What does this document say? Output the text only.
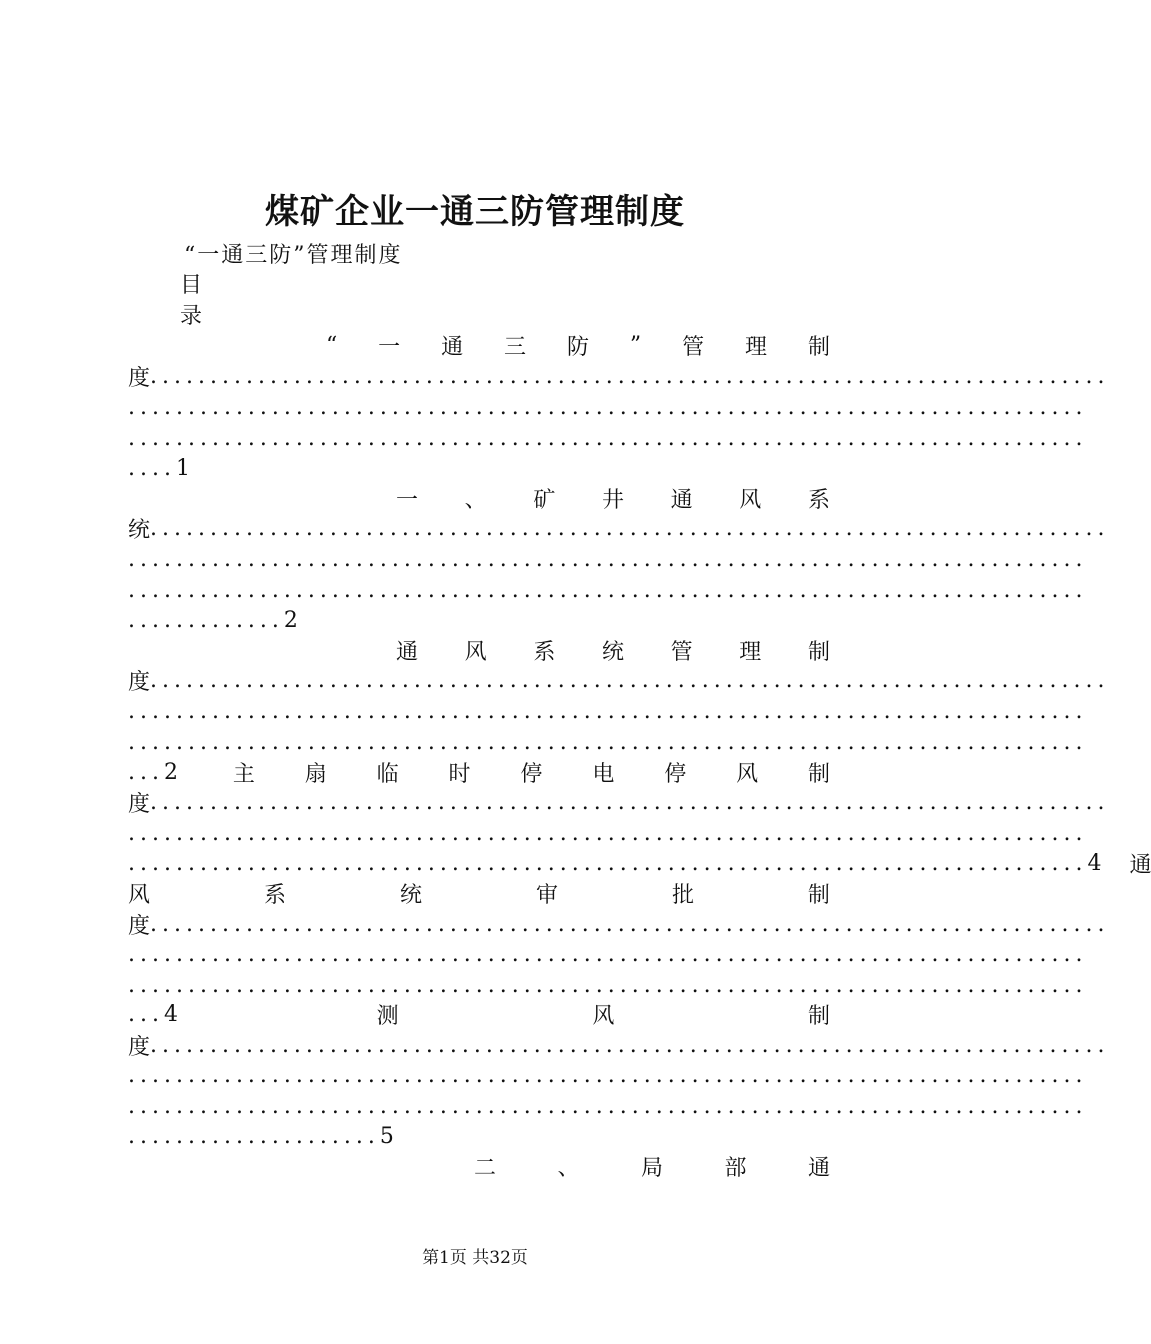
煤矿企业一通三防管理制度
“一通三防”管理制度
目
录
“ 一 通 三 防 ” 管 理 制
度 ................................................................................
................................................................................
................................................................................
.... 1
一 、 矿 井 通 风 系
统 ................................................................................
................................................................................
................................................................................
............. 2
通 风 系 统 管 理 制
度 ................................................................................
................................................................................
................................................................................
...2 主 扇 临 时 停 电 停 风 制
度 ................................................................................
................................................................................
................................................................................ 4 通
风	系	统	审	批	制
度 ................................................................................
................................................................................
................................................................................
...4	测	风	制
度 ................................................................................
................................................................................
................................................................................
..................... 5
二	、	局	部	通
第1页 共32页
